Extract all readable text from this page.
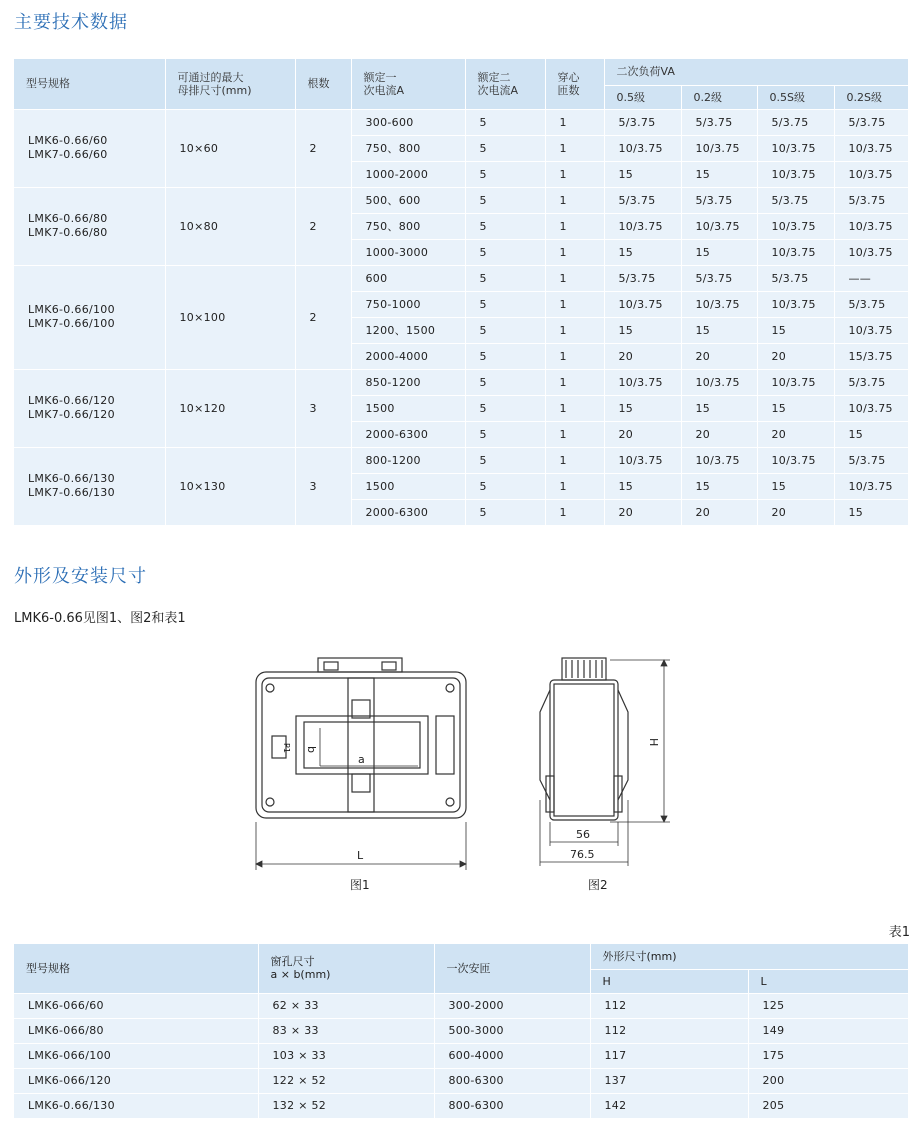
主要技术数据
型号规格	可通过的最大
母排尺寸(mm)	根数	额定一
次电流A	额定二
次电流A	穿心
匝数	二次负荷VA			
						0.5级	0.2级	0.5S级	0.2S级
LMK6-0.66/60
LMK7-0.66/60	10×60	2	300-600	5	1	5/3.75	5/3.75	5/3.75	5/3.75
			750、800	5	1	10/3.75	10/3.75	10/3.75	10/3.75
			1000-2000	5	1	15	15	10/3.75	10/3.75
LMK6-0.66/80
LMK7-0.66/80	10×80	2	500、600	5	1	5/3.75	5/3.75	5/3.75	5/3.75
			750、800	5	1	10/3.75	10/3.75	10/3.75	10/3.75
			1000-3000	5	1	15	15	10/3.75	10/3.75
LMK6-0.66/100
LMK7-0.66/100	10×100	2	600	5	1	5/3.75	5/3.75	5/3.75	——
			750-1000	5	1	10/3.75	10/3.75	10/3.75	5/3.75
			1200、1500	5	1	15	15	15	10/3.75
			2000-4000	5	1	20	20	20	15/3.75
LMK6-0.66/120
LMK7-0.66/120	10×120	3	850-1200	5	1	10/3.75	10/3.75	10/3.75	5/3.75
			1500	5	1	15	15	15	10/3.75
			2000-6300	5	1	20	20	20	15
LMK6-0.66/130
LMK7-0.66/130	10×130	3	800-1200	5	1	10/3.75	10/3.75	10/3.75	5/3.75
			1500	5	1	15	15	15	10/3.75
			2000-6300	5	1	20	20	20	15
外形及安装尺寸
LMK6-0.66见图1、图2和表1
a
b
P1
L
H
56
76.5
图1	图2
表1
型号规格	窗孔尺寸
a × b(mm)	一次安匝	外形尺寸(mm)	
			H	L
LMK6-066/60	62 × 33	300-2000	112	125
LMK6-066/80	83 × 33	500-3000	112	149
LMK6-066/100	103 × 33	600-4000	117	175
LMK6-066/120	122 × 52	800-6300	137	200
LMK6-0.66/130	132 × 52	800-6300	142	205
